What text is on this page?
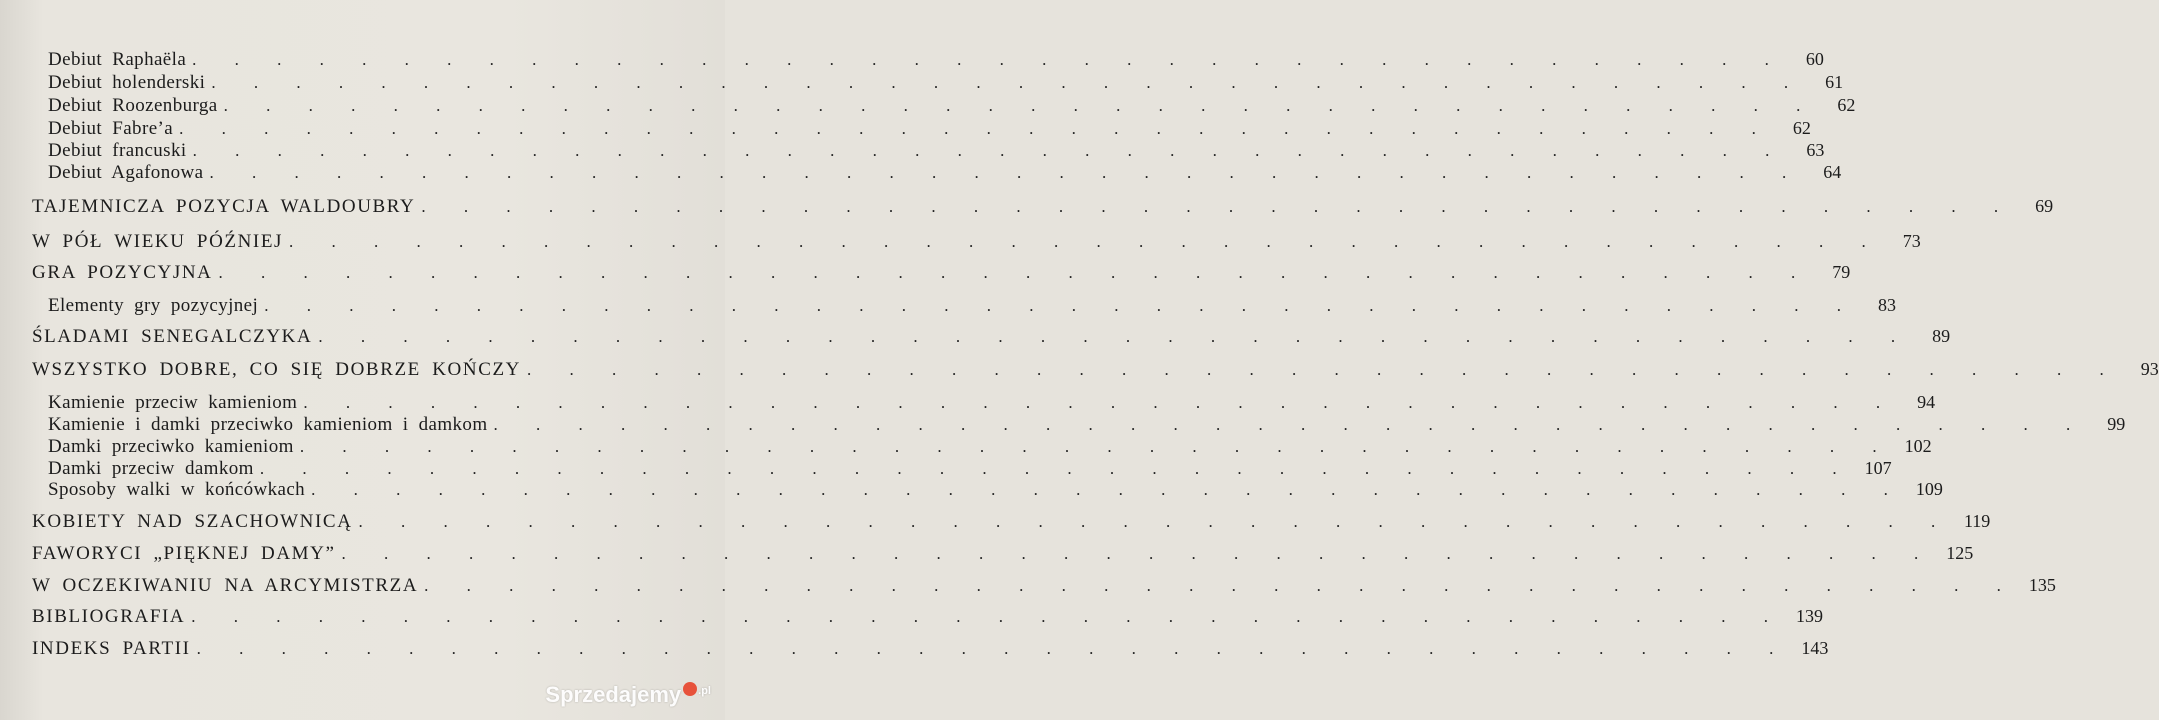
Debiut Raphaëla . . . . . . . . . . . . . . . . . . . . . . . . . . . . . . . . . . . . . .	60
Debiut holenderski . . . . . . . . . . . . . . . . . . . . . . . . . . . . . . . . . . . . . .	61
Debiut Roozenburga . . . . . . . . . . . . . . . . . . . . . . . . . . . . . . . . . . . . . .	62
Debiut Fabre’a . . . . . . . . . . . . . . . . . . . . . . . . . . . . . . . . . . . . . .	62
Debiut francuski . . . . . . . . . . . . . . . . . . . . . . . . . . . . . . . . . . . . . .	63
Debiut Agafonowa . . . . . . . . . . . . . . . . . . . . . . . . . . . . . . . . . . . . . .	64
TAJEMNICZA POZYCJA WALDOUBRY . . . . . . . . . . . . . . . . . . . . . . . . . . . . . . . . . . . . . .	69
W PÓŁ WIEKU PÓŹNIEJ . . . . . . . . . . . . . . . . . . . . . . . . . . . . . . . . . . . . . .	73
GRA POZYCYJNA . . . . . . . . . . . . . . . . . . . . . . . . . . . . . . . . . . . . . .	79
Elementy gry pozycyjnej . . . . . . . . . . . . . . . . . . . . . . . . . . . . . . . . . . . . . .	83
ŚLADAMI SENEGALCZYKA . . . . . . . . . . . . . . . . . . . . . . . . . . . . . . . . . . . . . .	89
WSZYSTKO DOBRE, CO SIĘ DOBRZE KOŃCZY . . . . . . . . . . . . . . . . . . . . . . . . . . . . . . . . . . . . . .	93
Kamienie przeciw kamieniom . . . . . . . . . . . . . . . . . . . . . . . . . . . . . . . . . . . . . .	94
Kamienie i damki przeciwko kamieniom i damkom . . . . . . . . . . . . . . . . . . . . . . . . . . . . . . . . . . . . . .	99
Damki przeciwko kamieniom . . . . . . . . . . . . . . . . . . . . . . . . . . . . . . . . . . . . . . 102
Damki przeciw damkom . . . . . . . . . . . . . . . . . . . . . . . . . . . . . . . . . . . . . . 107
Sposoby walki w końcówkach . . . . . . . . . . . . . . . . . . . . . . . . . . . . . . . . . . . . . . 109
KOBIETY NAD SZACHOWNICĄ . . . . . . . . . . . . . . . . . . . . . . . . . . . . . . . . . . . . . . 119
FAWORYCI „PIĘKNEJ DAMY” . . . . . . . . . . . . . . . . . . . . . . . . . . . . . . . . . . . . . . 125
W OCZEKIWANIU NA ARCYMISTRZA . . . . . . . . . . . . . . . . . . . . . . . . . . . . . . . . . . . . . . 135
BIBLIOGRAFIA . . . . . . . . . . . . . . . . . . . . . . . . . . . . . . . . . . . . . . 139
INDEKS PARTII . . . . . . . . . . . . . . . . . . . . . . . . . . . . . . . . . . . . . . 143
Sprzedajemy .pl
